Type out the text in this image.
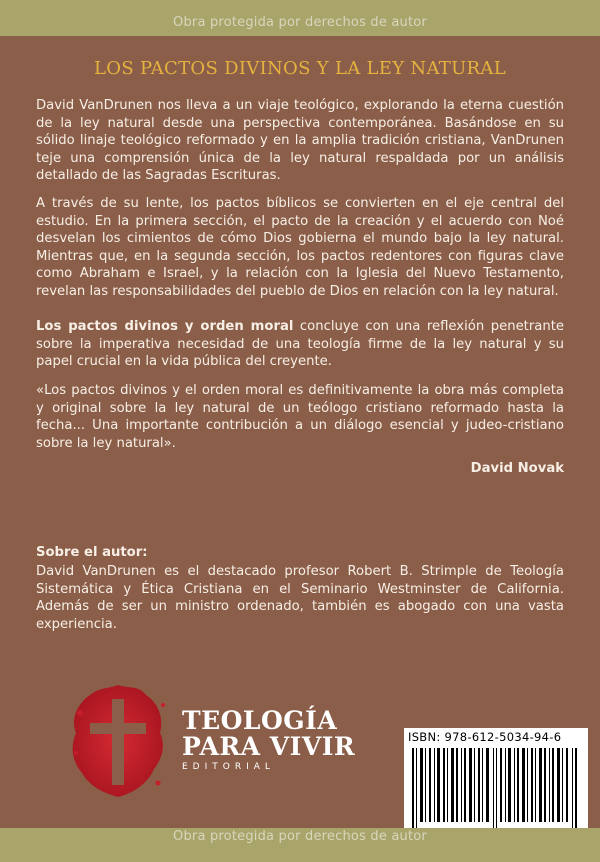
Obra protegida por derechos de autor
LOS PACTOS DIVINOS Y LA LEY NATURAL

David VanDrunen nos lleva a un viaje teológico, explorando la eterna cuestión de la ley natural desde una perspectiva contemporánea. Basándose en su sólido linaje teológico reformado y en la amplia tradición cristiana, VanDrunen teje una comprensión única de la ley natural respaldada por un análisis detallado de las Sagradas Escrituras.

A través de su lente, los pactos bíblicos se convierten en el eje central del estudio. En la primera sección, el pacto de la creación y el acuerdo con Noé desvelan los cimientos de cómo Dios gobierna el mundo bajo la ley natural. Mientras que, en la segunda sección, los pactos redentores con figuras clave como Abraham e Israel, y la relación con la Iglesia del Nuevo Testamento, revelan las responsabilidades del pueblo de Dios en relación con la ley natural.

Los pactos divinos y orden moral concluye con una reflexión penetrante sobre la imperativa necesidad de una teología firme de la ley natural y su papel crucial en la vida pública del creyente.

«Los pactos divinos y el orden moral es definitivamente la obra más completa y original sobre la ley natural de un teólogo cristiano reformado hasta la fecha... Una importante contribución a un diálogo esencial y judeo-cristiano sobre la ley natural».

David Novak
Sobre el autor:

David VanDrunen es el destacado profesor Robert B. Strimple de Teología Sistemática y Ética Cristiana en el Seminario Westminster de California. Además de ser un ministro ordenado, también es abogado con una vasta experiencia.

TEOLOGÍA
PARA VIVIR
EDITORIAL
ISBN: 978-612-5034-94-6
Obra protegida por derechos de autor
